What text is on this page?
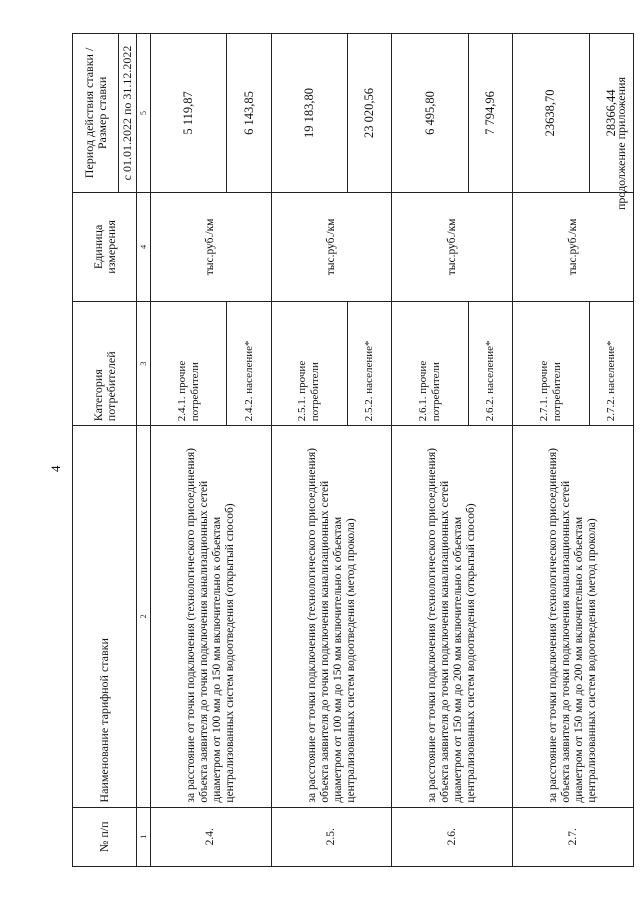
4
продолжение приложения
№ п/п	Наименование тарифной ставки	Категория потребителей	Единица измерения	Период действия ставки /Размер ставки
				с 01.01.2022 по 31.12.2022
1	2	3	4	5
2.4.	за расстояние от точки подключения (технологического присоединения) объекта заявителя до точки подключения канализационных сетей диаметром от 100 мм до 150 мм включительно к объектам централизованных систем водоотведения (открытый способ)	2.4.1. прочие потребители	тыс.руб./км	5 119,87
		2.4.2. население*		6 143,85
2.5.	за расстояние от точки подключения (технологического присоединения) объекта заявителя до точки подключения канализационных сетей диаметром от 100 мм до 150 мм включительно к объектам централизованных систем водоотведения (метод прокола)	2.5.1. прочие потребители	тыс.руб./км	19 183,80
		2.5.2. население*		23 020,56
2.6.	за расстояние от точки подключения (технологического присоединения) объекта заявителя до точки подключения канализационных сетей диаметром от 150 мм до 200 мм включительно к объектам централизованных систем водоотведения (открытый способ)	2.6.1. прочие потребители	тыс.руб./км	6 495,80
		2.6.2. население*		7 794,96
2.7.	за расстояние от точки подключения (технологического присоединения) объекта заявителя до точки подключения канализационных сетей диаметром от 150 мм до 200 мм включительно к объектам централизованных систем водоотведения (метод прокола)	2.7.1. прочие потребители	тыс.руб./км	23638,70
		2.7.2. население*		28366,44
